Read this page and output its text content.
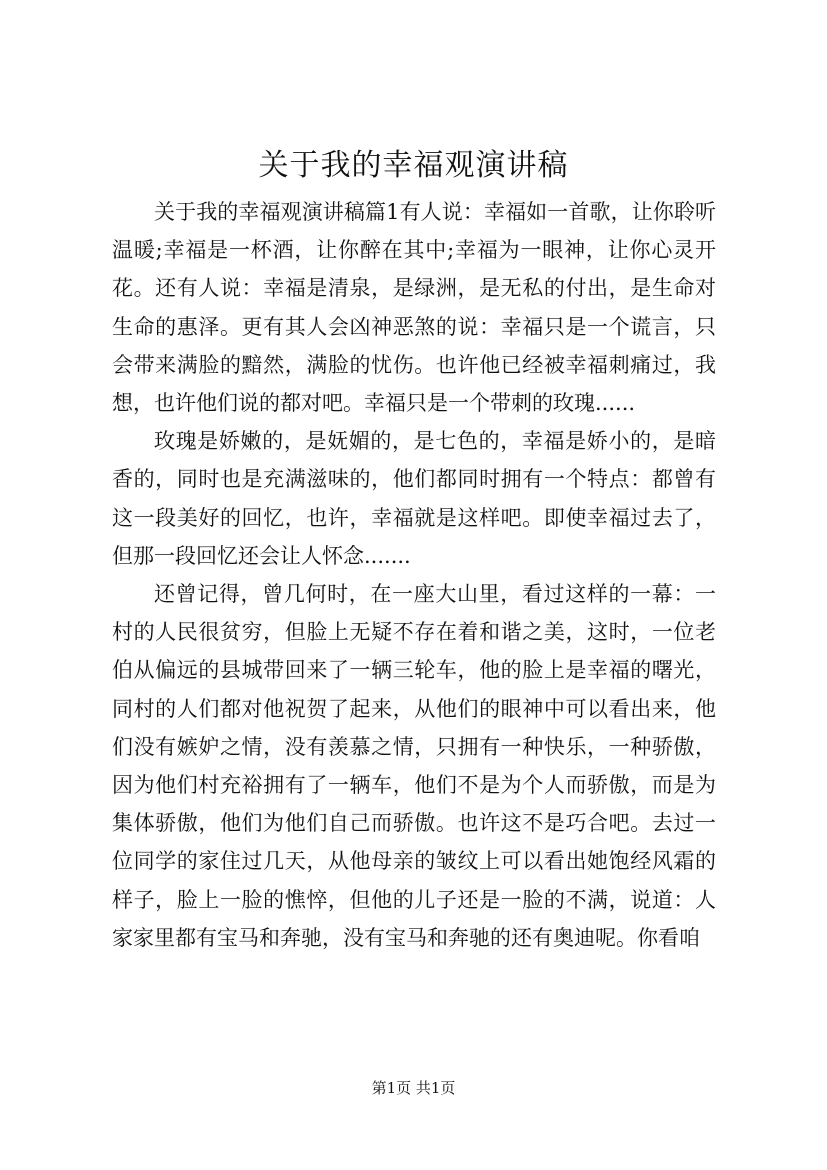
关于我的幸福观演讲稿

关于我的幸福观演讲稿篇1有人说：幸福如一首歌，让你聆听温暖;幸福是一杯酒，让你醉在其中;幸福为一眼神，让你心灵开花。还有人说：幸福是清泉，是绿洲，是无私的付出，是生命对生命的惠泽。更有其人会凶神恶煞的说：幸福只是一个谎言，只会带来满脸的黯然，满脸的忧伤。也许他已经被幸福刺痛过，我想，也许他们说的都对吧。幸福只是一个带刺的玫瑰......

玫瑰是娇嫩的，是妩媚的，是七色的，幸福是娇小的，是暗香的，同时也是充满滋味的，他们都同时拥有一个特点：都曾有这一段美好的回忆，也许，幸福就是这样吧。即使幸福过去了，但那一段回忆还会让人怀念.......

还曾记得，曾几何时，在一座大山里，看过这样的一幕：一村的人民很贫穷，但脸上无疑不存在着和谐之美，这时，一位老伯从偏远的县城带回来了一辆三轮车，他的脸上是幸福的曙光，同村的人们都对他祝贺了起来，从他们的眼神中可以看出来，他们没有嫉妒之情，没有羡慕之情，只拥有一种快乐，一种骄傲，因为他们村充裕拥有了一辆车，他们不是为个人而骄傲，而是为集体骄傲，他们为他们自己而骄傲。也许这不是巧合吧。去过一位同学的家住过几天，从他母亲的皱纹上可以看出她饱经风霜的样子，脸上一脸的憔悴，但他的儿子还是一脸的不满，说道：人家家里都有宝马和奔驰，没有宝马和奔驰的还有奥迪呢。你看咱

第1页 共1页
